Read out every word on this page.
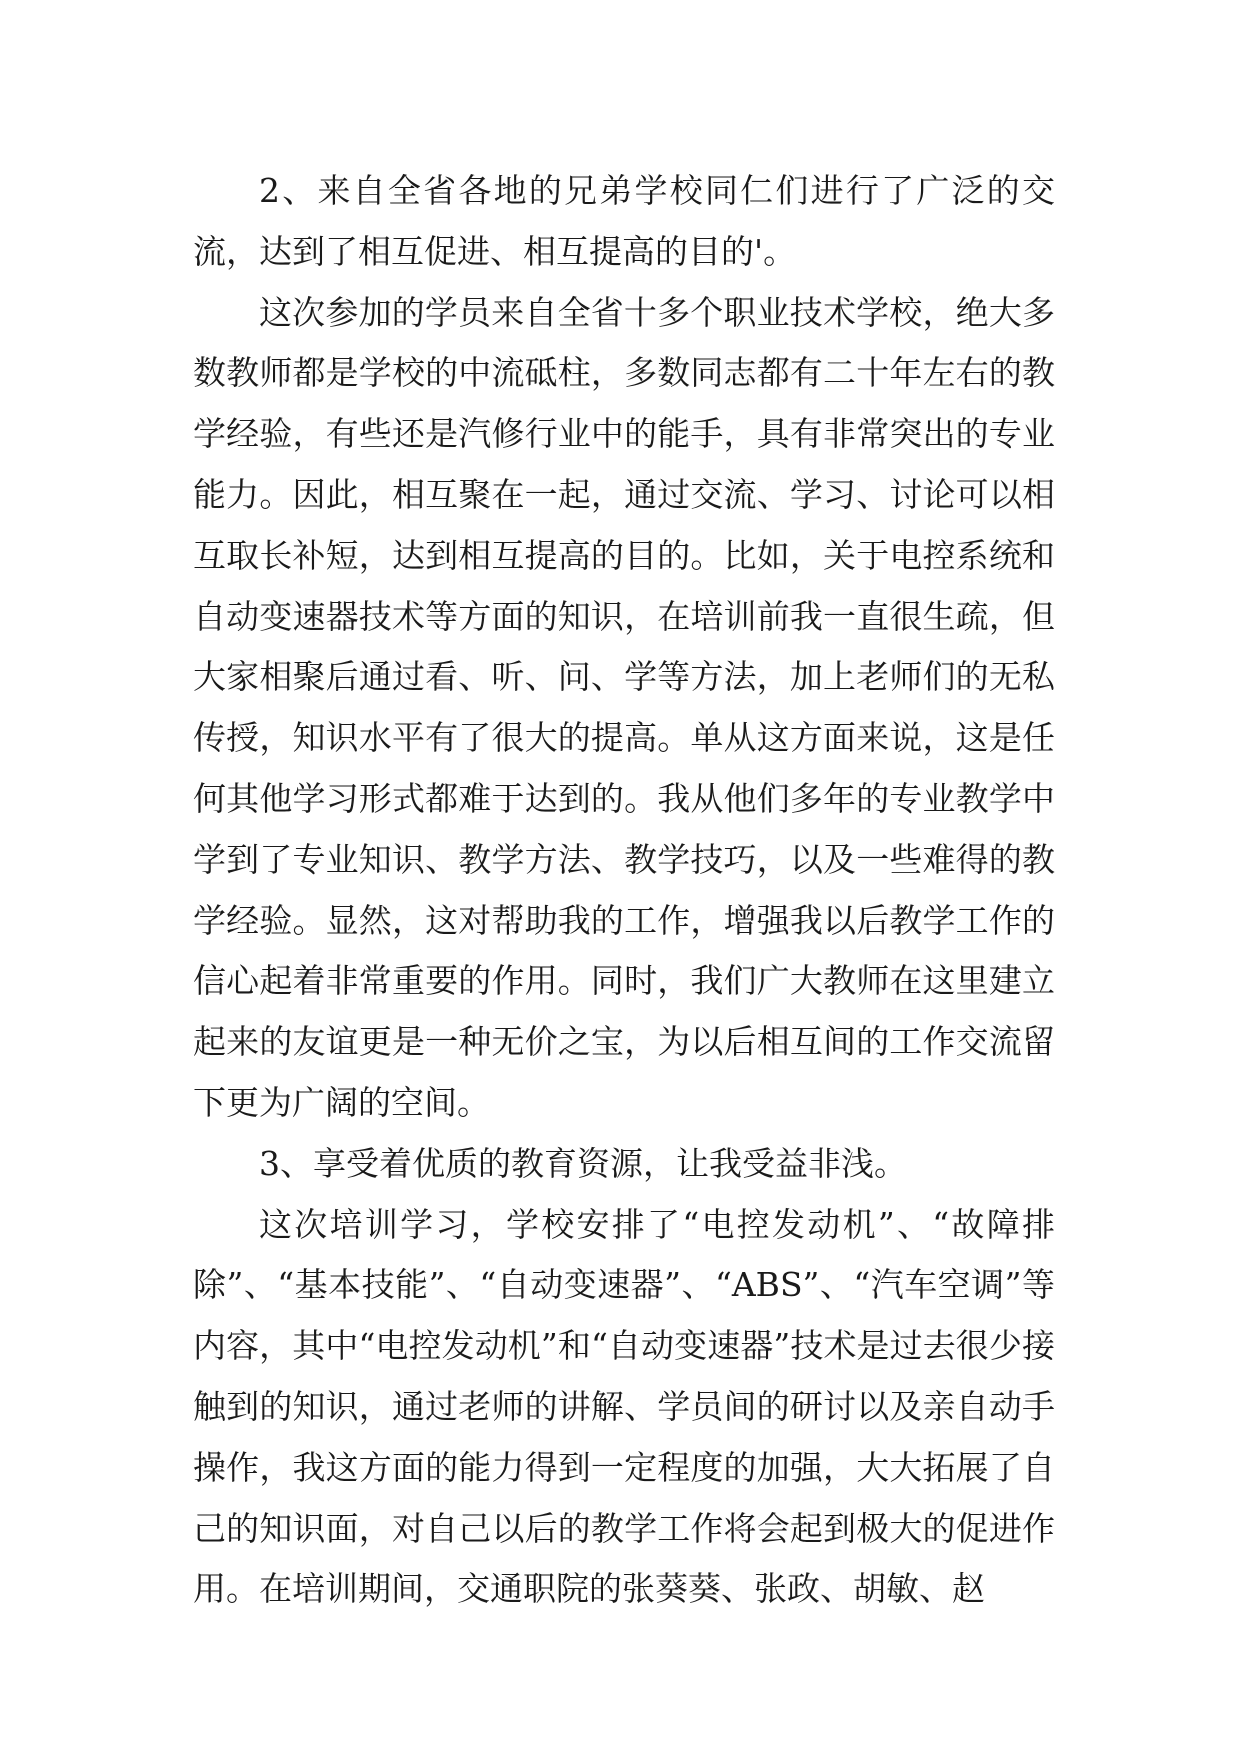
2、来自全省各地的兄弟学校同仁们进行了广泛的交流，达到了相互促进、相互提高的目的'。

这次参加的学员来自全省十多个职业技术学校，绝大多数教师都是学校的中流砥柱，多数同志都有二十年左右的教学经验，有些还是汽修行业中的能手，具有非常突出的专业能力。因此，相互聚在一起，通过交流、学习、讨论可以相互取长补短，达到相互提高的目的。比如，关于电控系统和自动变速器技术等方面的知识，在培训前我一直很生疏，但大家相聚后通过看、听、问、学等方法，加上老师们的无私传授，知识水平有了很大的提高。单从这方面来说，这是任何其他学习形式都难于达到的。我从他们多年的专业教学中学到了专业知识、教学方法、教学技巧，以及一些难得的教学经验。显然，这对帮助我的工作，增强我以后教学工作的信心起着非常重要的作用。同时，我们广大教师在这里建立起来的友谊更是一种无价之宝，为以后相互间的工作交流留下更为广阔的空间。

3、享受着优质的教育资源，让我受益非浅。

这次培训学习，学校安排了“电控发动机”、“故障排除”、“基本技能”、“自动变速器”、“ABS”、“汽车空调”等内容，其中“电控发动机”和“自动变速器”技术是过去很少接触到的知识，通过老师的讲解、学员间的研讨以及亲自动手操作，我这方面的能力得到一定程度的加强，大大拓展了自己的知识面，对自己以后的教学工作将会起到极大的促进作用。在培训期间，交通职院的张葵葵、张政、胡敏、赵
